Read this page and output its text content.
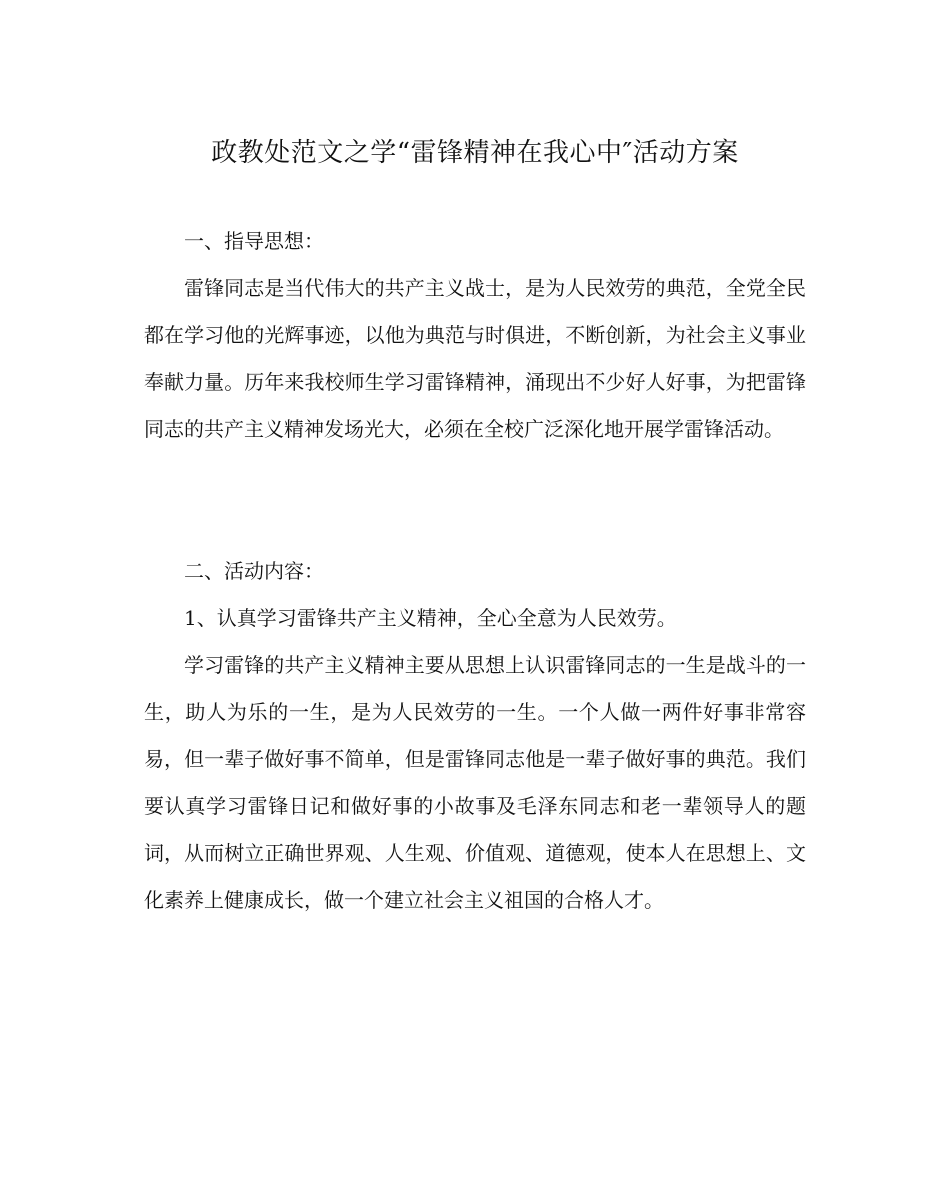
政教处范文之学“雷锋精神在我心中″活动方案

一、指导思想：

雷锋同志是当代伟大的共产主义战士，是为人民效劳的典范，全党全民都在学习他的光辉事迹，以他为典范与时俱进，不断创新，为社会主义事业奉献力量。历年来我校师生学习雷锋精神，涌现出不少好人好事，为把雷锋同志的共产主义精神发场光大，必须在全校广泛深化地开展学雷锋活动。

二、活动内容：

1、认真学习雷锋共产主义精神，全心全意为人民效劳。

学习雷锋的共产主义精神主要从思想上认识雷锋同志的一生是战斗的一生，助人为乐的一生，是为人民效劳的一生。一个人做一两件好事非常容易，但一辈子做好事不简单，但是雷锋同志他是一辈子做好事的典范。我们要认真学习雷锋日记和做好事的小故事及毛泽东同志和老一辈领导人的题词，从而树立正确世界观、人生观、价值观、道德观，使本人在思想上、文化素养上健康成长，做一个建立社会主义祖国的合格人才。
